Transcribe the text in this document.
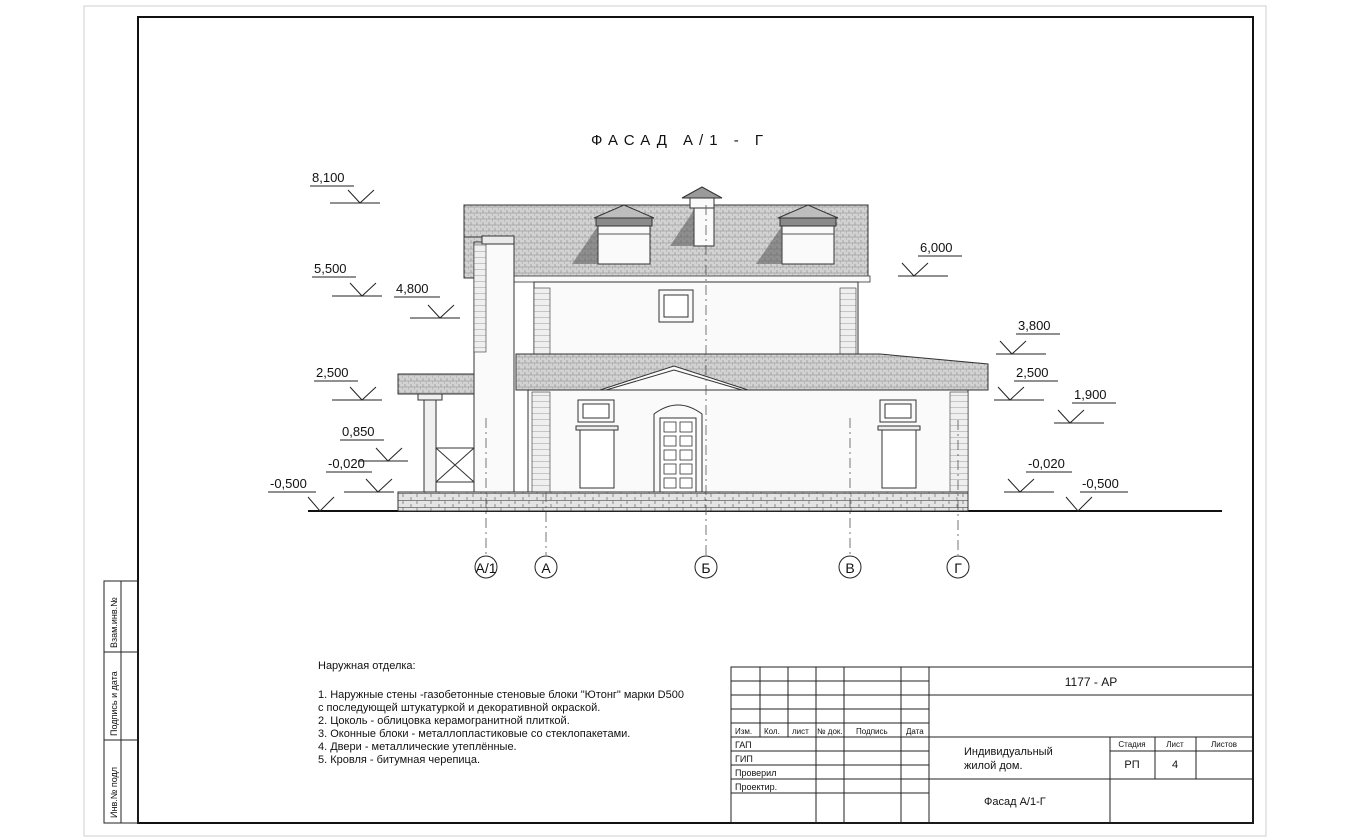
Взам.инв.№
Подпись и дата
Инв.№ подл
ФАСАД А/1 - Г
А/1	А	Б	В	Г
8,100
5,500
4,800
2,500
0,850
-0,020
-0,500
6,000
3,800
2,500
1,900
-0,020
-0,500
1177 - АР
Изм. Кол. лист № док. Подпись Дата
ГАП
ГИП
Проверил
Проектир.
Индивидуальный
жилой дом.
Фасад А/1-Г
Стадия	Лист	Листов
РП	4
Наружная отделка:
1. Наружные стены -газобетонные стеновые блоки "Ютонг" марки D500
с последующей штукатуркой и декоративной окраской.
2. Цоколь - облицовка керамогранитной плиткой.
3. Оконные блоки - металлопластиковые со стеклопакетами.
4. Двери - металлические утеплённые.
5. Кровля - битумная черепица.
